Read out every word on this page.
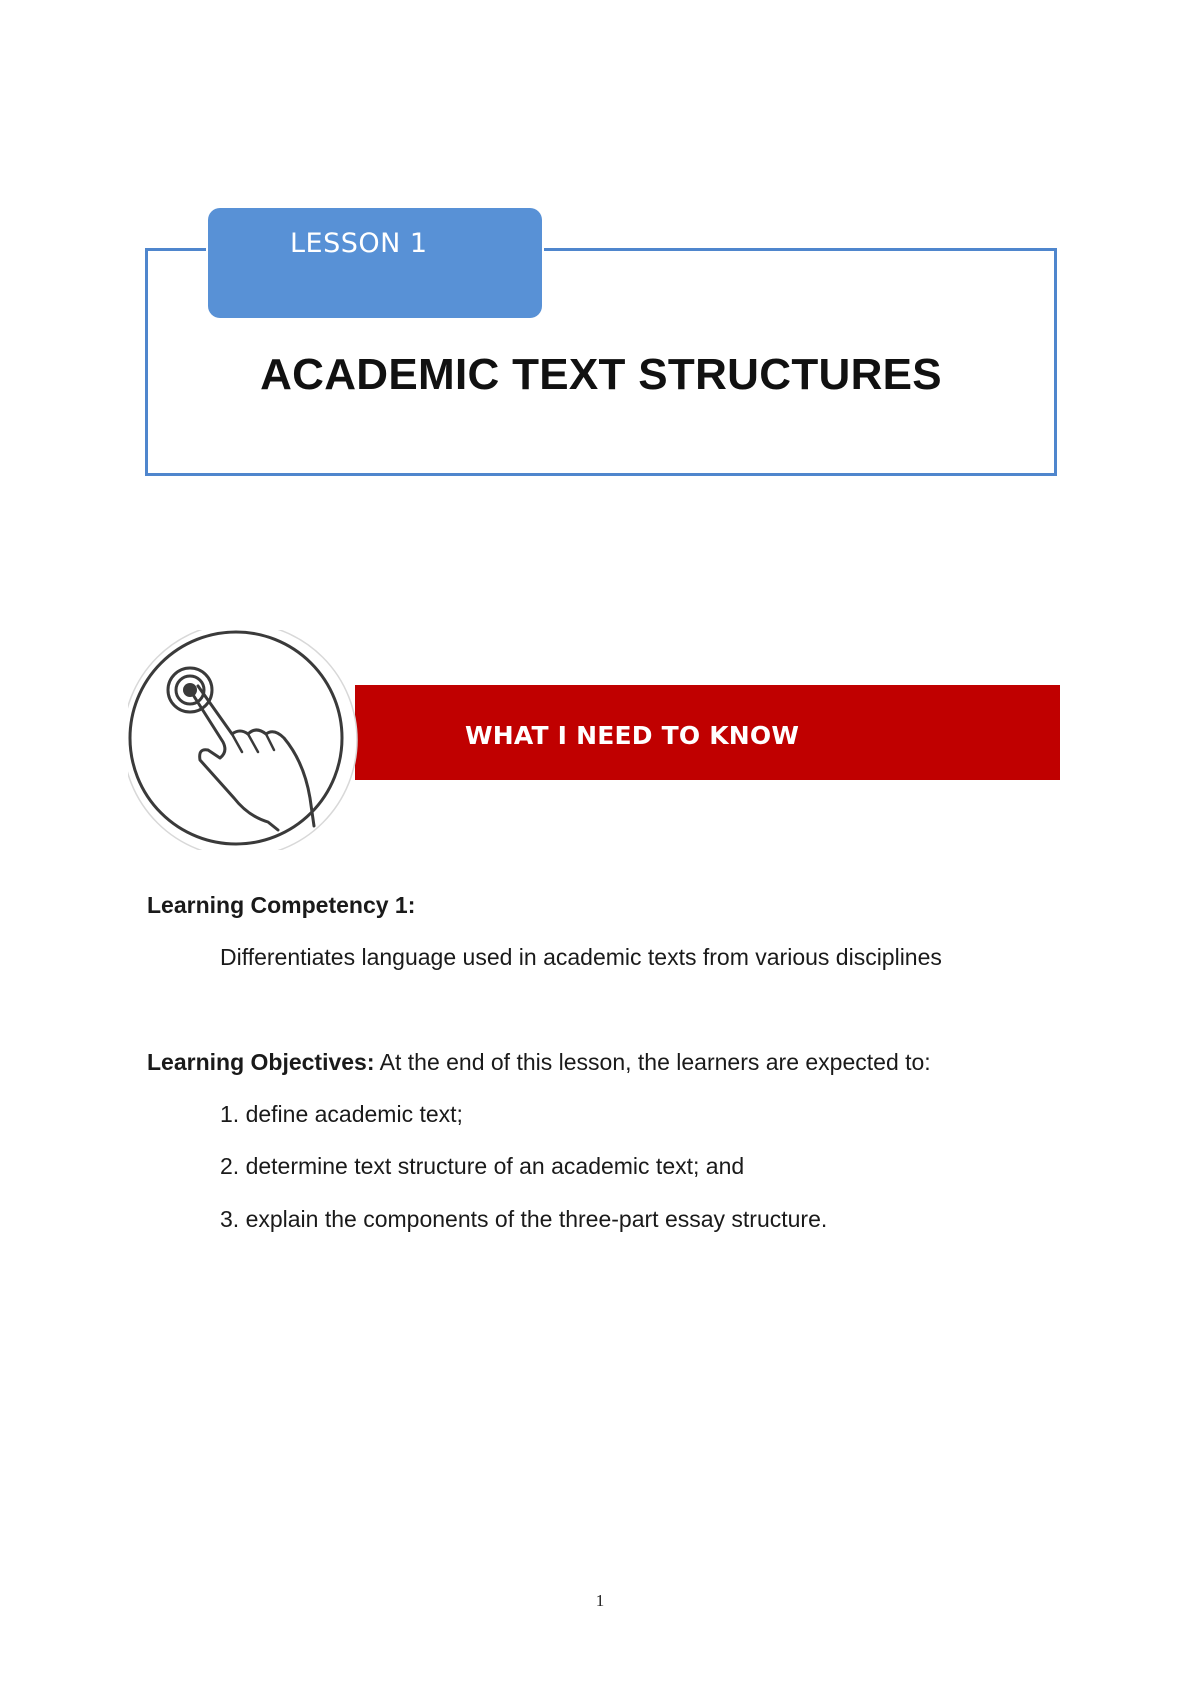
ACADEMIC TEXT STRUCTURES
LESSON 1
WHAT I NEED TO KNOW
Learning Competency 1:
Differentiates language used in academic texts from various disciplines
Learning Objectives: At the end of this lesson, the learners are expected to:
1. define academic text;
2. determine text structure of an academic text; and
3. explain the components of the three-part essay structure.
1
